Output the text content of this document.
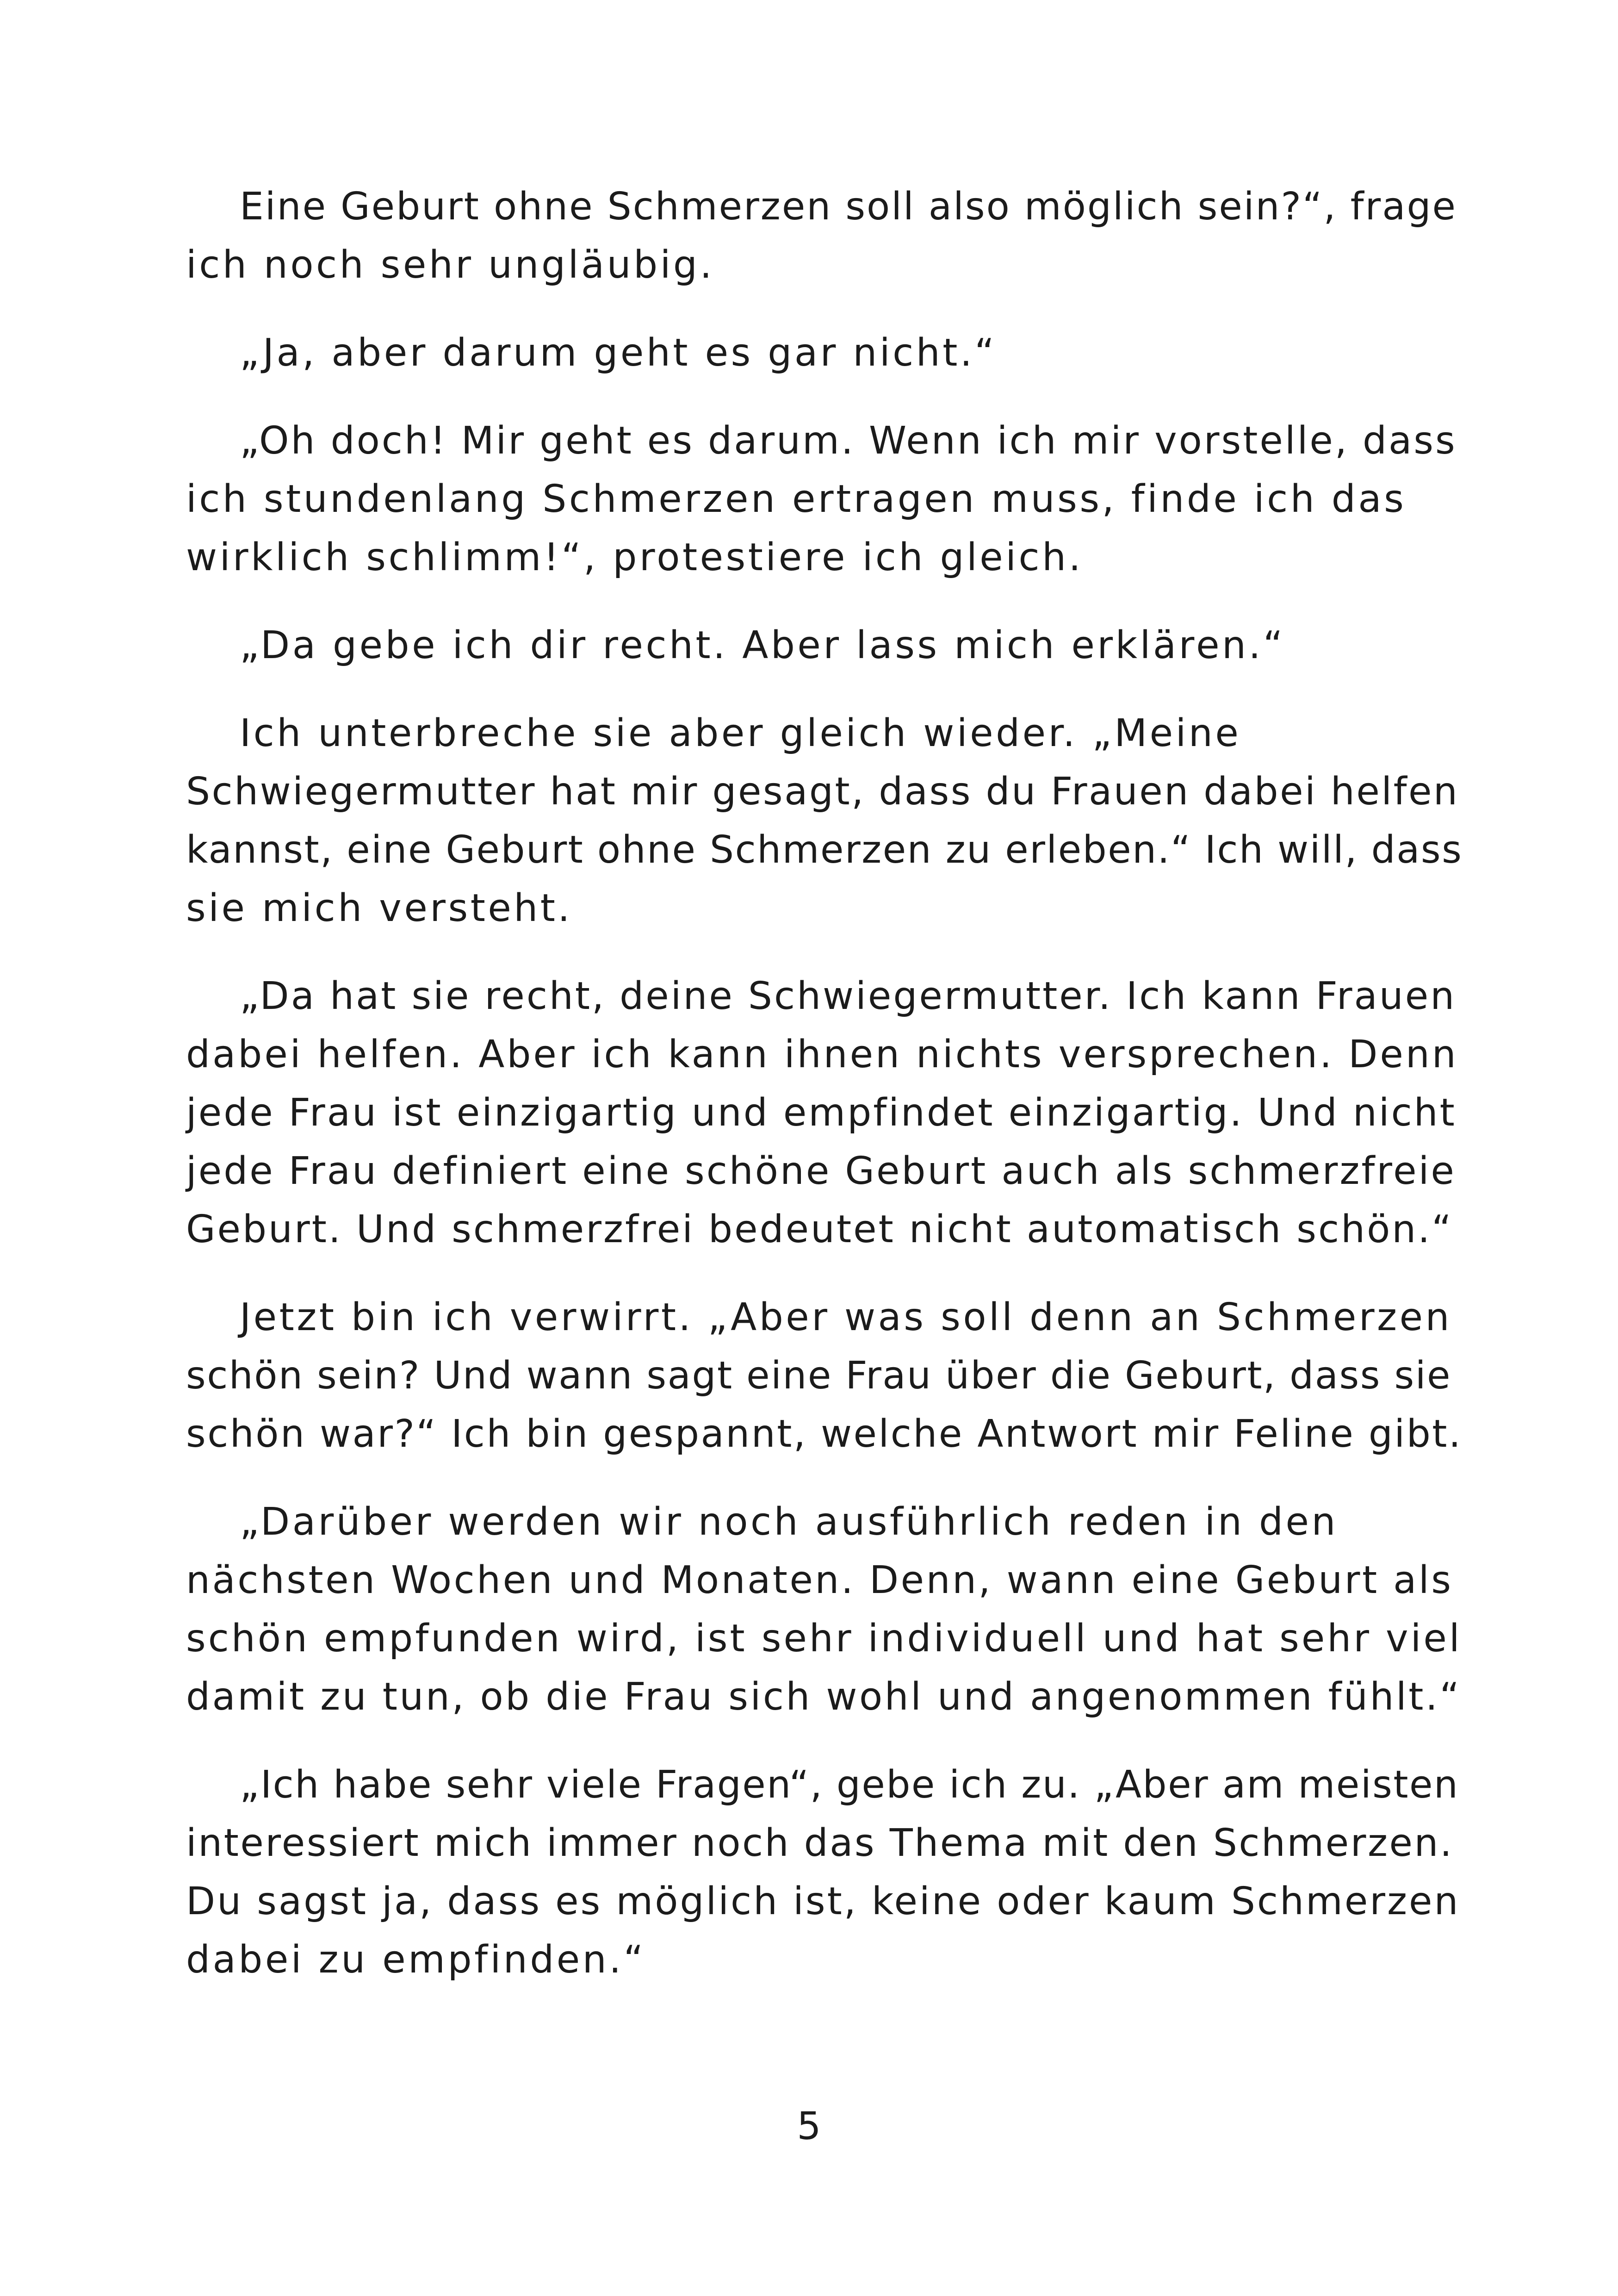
Eine Geburt ohne Schmerzen soll also möglich sein?“, frage
ich noch sehr ungläubig.
„Ja, aber darum geht es gar nicht.“
„Oh doch! Mir geht es darum. Wenn ich mir vorstelle, dass
ich stundenlang Schmerzen ertragen muss, finde ich das
wirklich schlimm!“, protestiere ich gleich.
„Da gebe ich dir recht. Aber lass mich erklären.“
Ich unterbreche sie aber gleich wieder. „Meine
Schwiegermutter hat mir gesagt, dass du Frauen dabei helfen
kannst, eine Geburt ohne Schmerzen zu erleben.“ Ich will, dass
sie mich versteht.
„Da hat sie recht, deine Schwiegermutter. Ich kann Frauen
dabei helfen. Aber ich kann ihnen nichts versprechen. Denn
jede Frau ist einzigartig und empfindet einzigartig. Und nicht
jede Frau definiert eine schöne Geburt auch als schmerzfreie
Geburt. Und schmerzfrei bedeutet nicht automatisch schön.“
Jetzt bin ich verwirrt. „Aber was soll denn an Schmerzen
schön sein? Und wann sagt eine Frau über die Geburt, dass sie
schön war?“ Ich bin gespannt, welche Antwort mir Feline gibt.
„Darüber werden wir noch ausführlich reden in den
nächsten Wochen und Monaten. Denn, wann eine Geburt als
schön empfunden wird, ist sehr individuell und hat sehr viel
damit zu tun, ob die Frau sich wohl und angenommen fühlt.“
„Ich habe sehr viele Fragen“, gebe ich zu. „Aber am meisten
interessiert mich immer noch das Thema mit den Schmerzen.
Du sagst ja, dass es möglich ist, keine oder kaum Schmerzen
dabei zu empfinden.“
5
